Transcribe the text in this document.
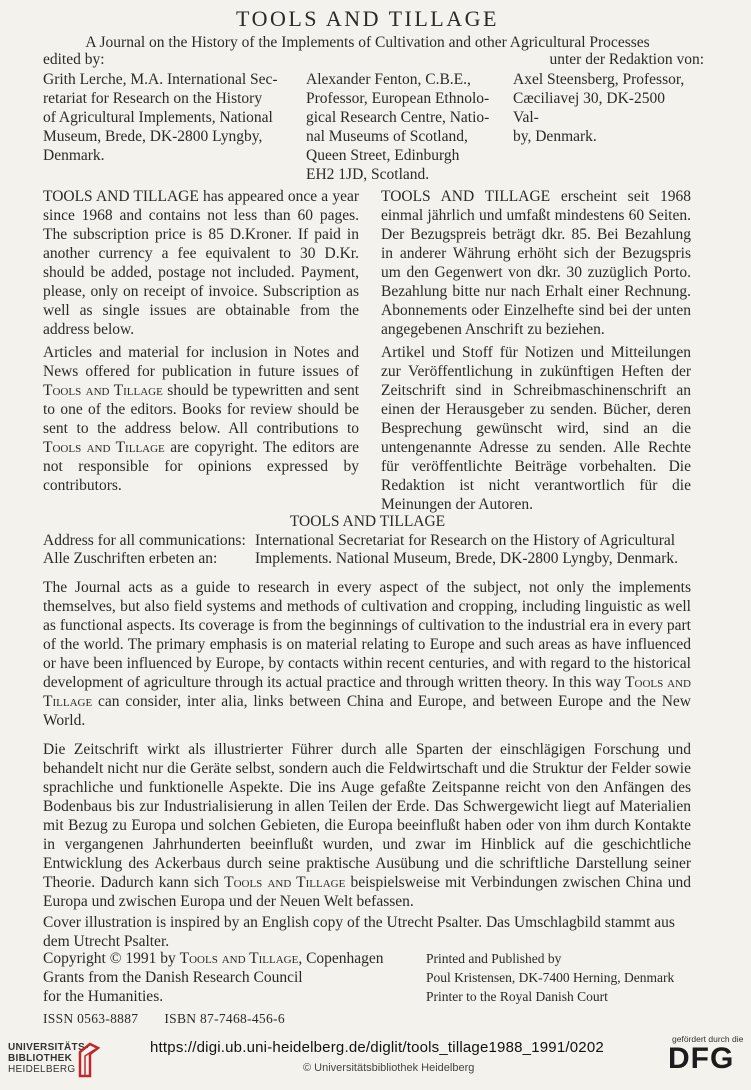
TOOLS AND TILLAGE
A Journal on the History of the Implements of Cultivation and other Agricultural Processes
edited by:	unter der Redaktion von:
Grith Lerche, M.A. International Sec-
retariat for Research on the History
of Agricultural Implements, National
Museum, Brede, DK-2800 Lyngby,
Denmark.
Alexander Fenton, C.B.E.,
Professor, European Ethnolo-
gical Research Centre, Natio-
nal Museums of Scotland,
Queen Street, Edinburgh
EH2 1JD, Scotland.
Axel Steensberg, Professor,
Cæciliavej 30, DK-2500 Val-
by, Denmark.
TOOLS AND TILLAGE has appeared once a year since 1968 and contains not less than 60 pages. The subscription price is 85 D.Kroner. If paid in another currency a fee equivalent to 30 D.Kr. should be added, postage not included. Payment, please, only on receipt of invoice. Subscription as well as single issues are obtainable from the address below.
TOOLS AND TILLAGE erscheint seit 1968 einmal jährlich und umfaßt mindestens 60 Seiten. Der Bezugspreis beträgt dkr. 85. Bei Bezahlung in anderer Währung erhöht sich der Bezugspris um den Gegenwert von dkr. 30 zuzüglich Porto. Bezahlung bitte nur nach Erhalt einer Rechnung. Abonnements oder Einzelhefte sind bei der unten angegebenen Anschrift zu beziehen.
Articles and material for inclusion in Notes and News offered for publication in future issues of Tools and Tillage should be typewritten and sent to one of the editors. Books for review should be sent to the address below. All contributions to Tools and Tillage are copyright. The editors are not responsible for opinions expressed by contributors.
Artikel und Stoff für Notizen und Mitteilungen zur Veröffentlichung in zukünftigen Heften der Zeitschrift sind in Schreibmaschinenschrift an einen der Herausgeber zu senden. Bücher, deren Besprechung gewünscht wird, sind an die untengenannte Adresse zu senden. Alle Rechte für veröffentlichte Beiträge vorbehalten. Die Redaktion ist nicht verantwortlich für die Meinungen der Autoren.
TOOLS AND TILLAGE
Address for all communications: International Secretariat for Research on the History of Agricultural
Alle Zuschriften erbeten an: Implements. National Museum, Brede, DK-2800 Lyngby, Denmark.
The Journal acts as a guide to research in every aspect of the subject, not only the implements themselves, but also field systems and methods of cultivation and cropping, including linguistic as well as functional aspects. Its coverage is from the beginnings of cultivation to the industrial era in every part of the world. The primary emphasis is on material relating to Europe and such areas as have influenced or have been influenced by Europe, by contacts within recent centuries, and with regard to the historical development of agriculture through its actual practice and through written theory. In this way Tools and Tillage can consider, inter alia, links between China and Europe, and between Europe and the New World.
Die Zeitschrift wirkt als illustrierter Führer durch alle Sparten der einschlägigen Forschung und behandelt nicht nur die Geräte selbst, sondern auch die Feldwirtschaft und die Struktur der Felder sowie sprachliche und funktionelle Aspekte. Die ins Auge gefaßte Zeitspanne reicht von den Anfängen des Bodenbaus bis zur Industrialisierung in allen Teilen der Erde. Das Schwergewicht liegt auf Materialien mit Bezug zu Europa und solchen Gebieten, die Europa beeinflußt haben oder von ihm durch Kontakte in vergangenen Jahrhunderten beeinflußt wurden, und zwar im Hinblick auf die geschichtliche Entwicklung des Ackerbaus durch seine praktische Ausübung und die schriftliche Darstellung seiner Theorie. Dadurch kann sich Tools and Tillage beispielsweise mit Verbindungen zwischen China und Europa und zwischen Europa und der Neuen Welt befassen.
Cover illustration is inspired by an English copy of the Utrecht Psalter. Das Umschlagbild stammt aus dem Utrecht Psalter.
Copyright © 1991 by Tools and Tillage, Copenhagen
Grants from the Danish Research Council
for the Humanities.
Printed and Published by
Poul Kristensen, DK-7400 Herning, Denmark
Printer to the Royal Danish Court
ISSN 0563-8887 ISBN 87-7468-456-6
UNIVERSITÄTS-
BIBLIOTHEK
HEIDELBERG
https://digi.ub.uni-heidelberg.de/diglit/tools_tillage1988_1991/0202
© Universitätsbibliothek Heidelberg
gefördert durch die
DFG
